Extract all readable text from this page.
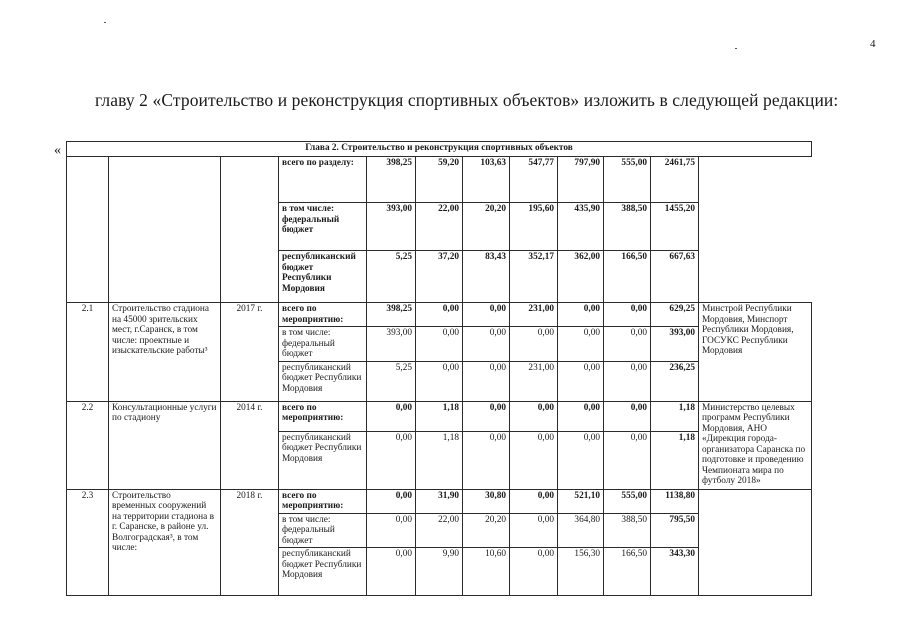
4
главу 2 «Строительство и реконструкция спортивных объектов» изложить в следующей редакции:
«	Глава 2. Строительство и реконструкция спортивных объектов											
			всего по разделу:	398,25	59,20	103,63	547,77	797,90	555,00	2461,75	
			в том числе: федеральный бюджет	393,00	22,00	20,20	195,60	435,90	388,50	1455,20	
			республиканский бюджет Республики Мордовия	5,25	37,20	83,43	352,17	362,00	166,50	667,63	
2.1	Строительство стадиона на 45000 зрительских мест, г.Саранск, в том числе: проектные и изыскательские работы³	2017 г.	всего по мероприятию:	398,25	0,00	0,00	231,00	0,00	0,00	629,25	Минстрой Республики Мордовия, Минспорт Республики Мордовия, ГОСУКС Республики Мордовия
			в том числе: федеральный бюджет	393,00	0,00	0,00	0,00	0,00	0,00	393,00	
			республиканский бюджет Республики Мордовия	5,25	0,00	0,00	231,00	0,00	0,00	236,25	
2.2	Консультационные услуги по стадиону	2014 г.	всего по мероприятию:	0,00	1,18	0,00	0,00	0,00	0,00	1,18	Министерство целевых программ Республики Мордовия, АНО «Дирекция города-организатора Саранска по подготовке и проведению Чемпионата мира по футболу 2018»
			республиканский бюджет Республики Мордовия	0,00	1,18	0,00	0,00	0,00	0,00	1,18	
2.3	Строительство временных сооружений на территории стадиона в г. Саранске, в районе ул. Волгоградская³, в том числе:	2018 г.	всего по мероприятию:	0,00	31,90	30,80	0,00	521,10	555,00	1138,80	
			в том числе: федеральный бюджет	0,00	22,00	20,20	0,00	364,80	388,50	795,50	
			республиканский бюджет Республики Мордовия	0,00	9,90	10,60	0,00	156,30	166,50	343,30	
